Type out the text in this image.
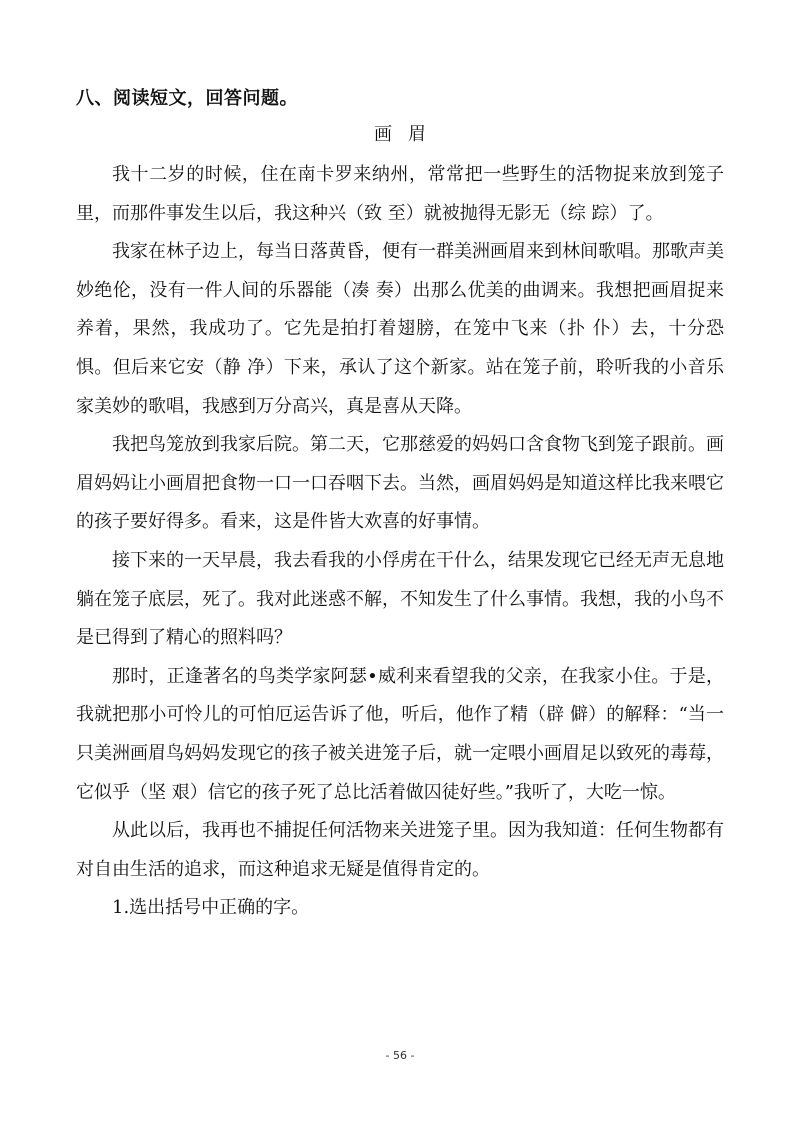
八、阅读短文，回答问题。
画眉

我十二岁的时候，住在南卡罗来纳州，常常把一些野生的活物捉来放到笼子里，而那件事发生以后，我这种兴（致 至）就被抛得无影无（综 踪）了。

我家在林子边上，每当日落黄昏，便有一群美洲画眉来到林间歌唱。那歌声美妙绝伦，没有一件人间的乐器能（凑 奏）出那么优美的曲调来。我想把画眉捉来养着，果然，我成功了。它先是拍打着翅膀，在笼中飞来（扑 仆）去，十分恐惧。但后来它安（静 净）下来，承认了这个新家。站在笼子前，聆听我的小音乐家美妙的歌唱，我感到万分高兴，真是喜从天降。

我把鸟笼放到我家后院。第二天，它那慈爱的妈妈口含食物飞到笼子跟前。画眉妈妈让小画眉把食物一口一口吞咽下去。当然，画眉妈妈是知道这样比我来喂它的孩子要好得多。看来，这是件皆大欢喜的好事情。

接下来的一天早晨，我去看我的小俘虏在干什么，结果发现它已经无声无息地躺在笼子底层，死了。我对此迷惑不解，不知发生了什么事情。我想，我的小鸟不是已得到了精心的照料吗？

那时，正逢著名的鸟类学家阿瑟•威利来看望我的父亲，在我家小住。于是，我就把那小可怜儿的可怕厄运告诉了他，听后，他作了精（辟 僻）的解释：“当一只美洲画眉鸟妈妈发现它的孩子被关进笼子后，就一定喂小画眉足以致死的毒莓，它似乎（坚 艰）信它的孩子死了总比活着做囚徒好些。”我听了，大吃一惊。

从此以后，我再也不捕捉任何活物来关进笼子里。因为我知道：任何生物都有对自由生活的追求，而这种追求无疑是值得肯定的。

1.选出括号中正确的字。

- 56 -
